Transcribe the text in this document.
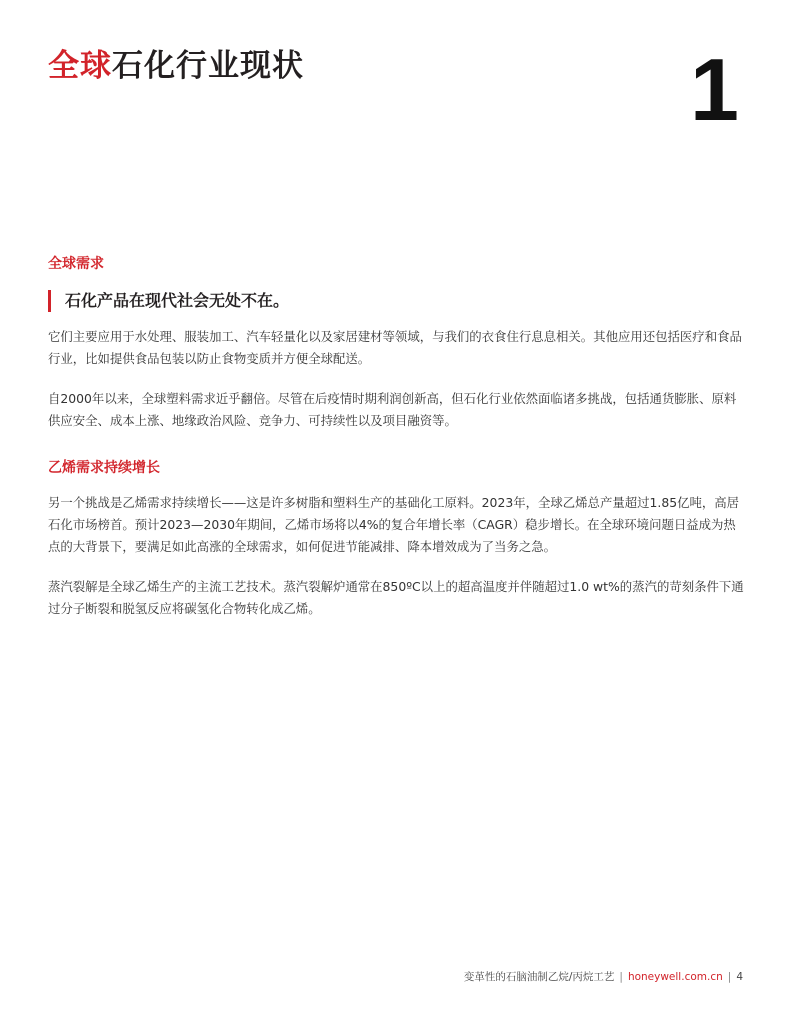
全球石化行业现状	1
全球需求
石化产品在现代社会无处不在。

它们主要应用于水处理、服装加工、汽车轻量化以及家居建材等领域，与我们的衣食住行息息相关。其他应用还包括医疗和食品行业，比如提供食品包装以防止食物变质并方便全球配送。

自2000年以来，全球塑料需求近乎翻倍。尽管在后疫情时期利润创新高，但石化行业依然面临诸多挑战，包括通货膨胀、原料供应安全、成本上涨、地缘政治风险、竞争力、可持续性以及项目融资等。

乙烯需求持续增长

另一个挑战是乙烯需求持续增长——这是许多树脂和塑料生产的基础化工原料。2023年，全球乙烯总产量超过1.85亿吨，高居石化市场榜首。预计2023—2030年期间，乙烯市场将以4%的复合年增长率（CAGR）稳步增长。在全球环境问题日益成为热点的大背景下，要满足如此高涨的全球需求，如何促进节能减排、降本增效成为了当务之急。

蒸汽裂解是全球乙烯生产的主流工艺技术。蒸汽裂解炉通常在850ºC以上的超高温度并伴随超过1.0 wt%的蒸汽的苛刻条件下通过分子断裂和脱氢反应将碳氢化合物转化成乙烯。

变革性的石脑油制乙烷/丙烷工艺 | honeywell.com.cn | 4
